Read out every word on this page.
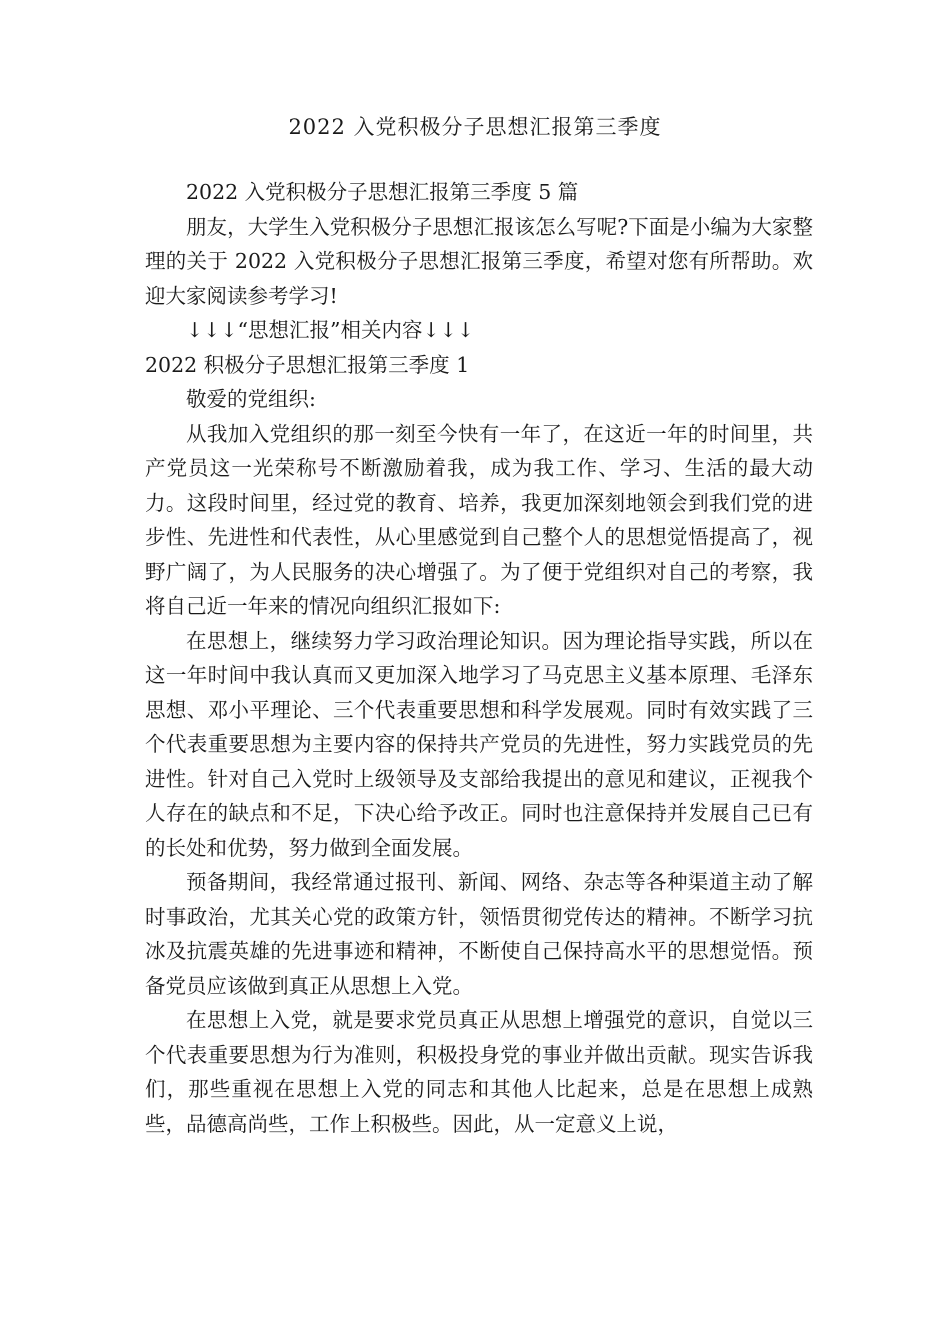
2022 入党积极分子思想汇报第三季度

2022 入党积极分子思想汇报第三季度 5 篇

朋友，大学生入党积极分子思想汇报该怎么写呢?下面是小编为大家整理的关于 2022 入党积极分子思想汇报第三季度，希望对您有所帮助。欢迎大家阅读参考学习!

↓↓↓“思想汇报”相关内容↓↓↓

2022 积极分子思想汇报第三季度 1

敬爱的党组织:

从我加入党组织的那一刻至今快有一年了，在这近一年的时间里，共产党员这一光荣称号不断激励着我，成为我工作、学习、生活的最大动力。这段时间里，经过党的教育、培养，我更加深刻地领会到我们党的进步性、先进性和代表性，从心里感觉到自己整个人的思想觉悟提高了，视野广阔了，为人民服务的决心增强了。为了便于党组织对自己的考察，我将自己近一年来的情况向组织汇报如下:

在思想上，继续努力学习政治理论知识。因为理论指导实践，所以在这一年时间中我认真而又更加深入地学习了马克思主义基本原理、毛泽东思想、邓小平理论、三个代表重要思想和科学发展观。同时有效实践了三个代表重要思想为主要内容的保持共产党员的先进性，努力实践党员的先进性。针对自己入党时上级领导及支部给我提出的意见和建议，正视我个人存在的缺点和不足，下决心给予改正。同时也注意保持并发展自己已有的长处和优势，努力做到全面发展。

预备期间，我经常通过报刊、新闻、网络、杂志等各种渠道主动了解时事政治，尤其关心党的政策方针，领悟贯彻党传达的精神。不断学习抗冰及抗震英雄的先进事迹和精神，不断使自己保持高水平的思想觉悟。预备党员应该做到真正从思想上入党。

在思想上入党，就是要求党员真正从思想上增强党的意识，自觉以三个代表重要思想为行为准则，积极投身党的事业并做出贡献。现实告诉我们，那些重视在思想上入党的同志和其他人比起来，总是在思想上成熟些，品德高尚些，工作上积极些。因此，从一定意义上说，
